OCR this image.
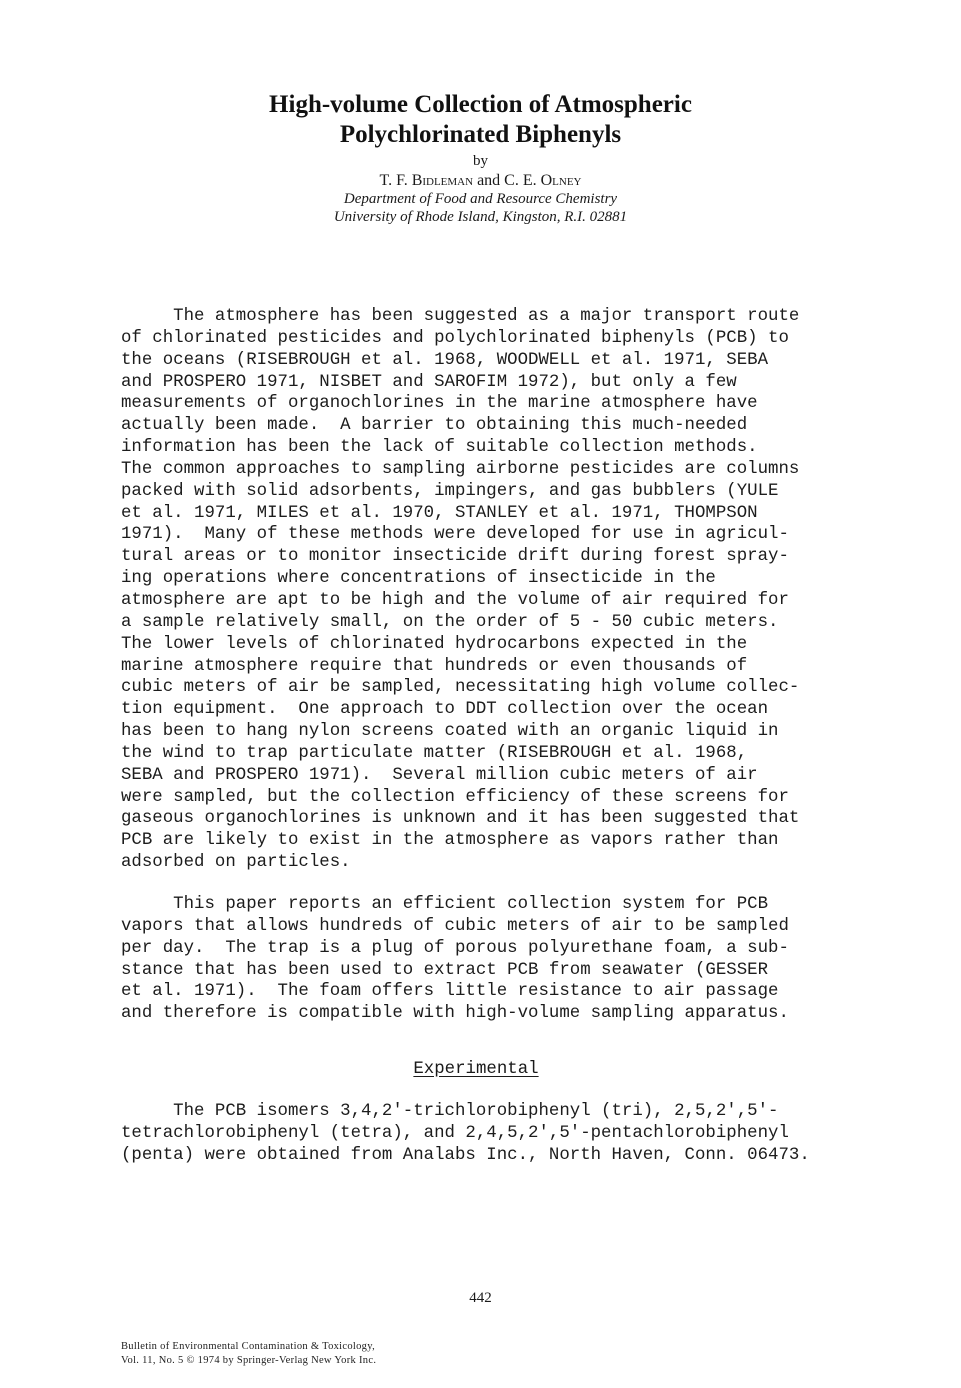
High-volume Collection of Atmospheric
Polychlorinated Biphenyls
by
T. F. Bidleman and C. E. Olney
Department of Food and Resource Chemistry
University of Rhode Island, Kingston, R.I. 02881
The atmosphere has been suggested as a major transport route
of chlorinated pesticides and polychlorinated biphenyls (PCB) to
the oceans (RISEBROUGH et al. 1968, WOODWELL et al. 1971, SEBA
and PROSPERO 1971, NISBET and SAROFIM 1972), but only a few
measurements of organochlorines in the marine atmosphere have
actually been made.  A barrier to obtaining this much-needed
information has been the lack of suitable collection methods.
The common approaches to sampling airborne pesticides are columns
packed with solid adsorbents, impingers, and gas bubblers (YULE
et al. 1971, MILES et al. 1970, STANLEY et al. 1971, THOMPSON
1971).  Many of these methods were developed for use in agricul-
tural areas or to monitor insecticide drift during forest spray-
ing operations where concentrations of insecticide in the
atmosphere are apt to be high and the volume of air required for
a sample relatively small, on the order of 5 - 50 cubic meters.
The lower levels of chlorinated hydrocarbons expected in the
marine atmosphere require that hundreds or even thousands of
cubic meters of air be sampled, necessitating high volume collec-
tion equipment.  One approach to DDT collection over the ocean
has been to hang nylon screens coated with an organic liquid in
the wind to trap particulate matter (RISEBROUGH et al. 1968,
SEBA and PROSPERO 1971).  Several million cubic meters of air
were sampled, but the collection efficiency of these screens for
gaseous organochlorines is unknown and it has been suggested that
PCB are likely to exist in the atmosphere as vapors rather than
adsorbed on particles.
This paper reports an efficient collection system for PCB
vapors that allows hundreds of cubic meters of air to be sampled
per day.  The trap is a plug of porous polyurethane foam, a sub-
stance that has been used to extract PCB from seawater (GESSER
et al. 1971).  The foam offers little resistance to air passage
and therefore is compatible with high-volume sampling apparatus.
Experimental
The PCB isomers 3,4,2'-trichlorobiphenyl (tri), 2,5,2',5'-
tetrachlorobiphenyl (tetra), and 2,4,5,2',5'-pentachlorobiphenyl
(penta) were obtained from Analabs Inc., North Haven, Conn. 06473.
442
Bulletin of Environmental Contamination & Toxicology,
Vol. 11, No. 5 © 1974 by Springer-Verlag New York Inc.
